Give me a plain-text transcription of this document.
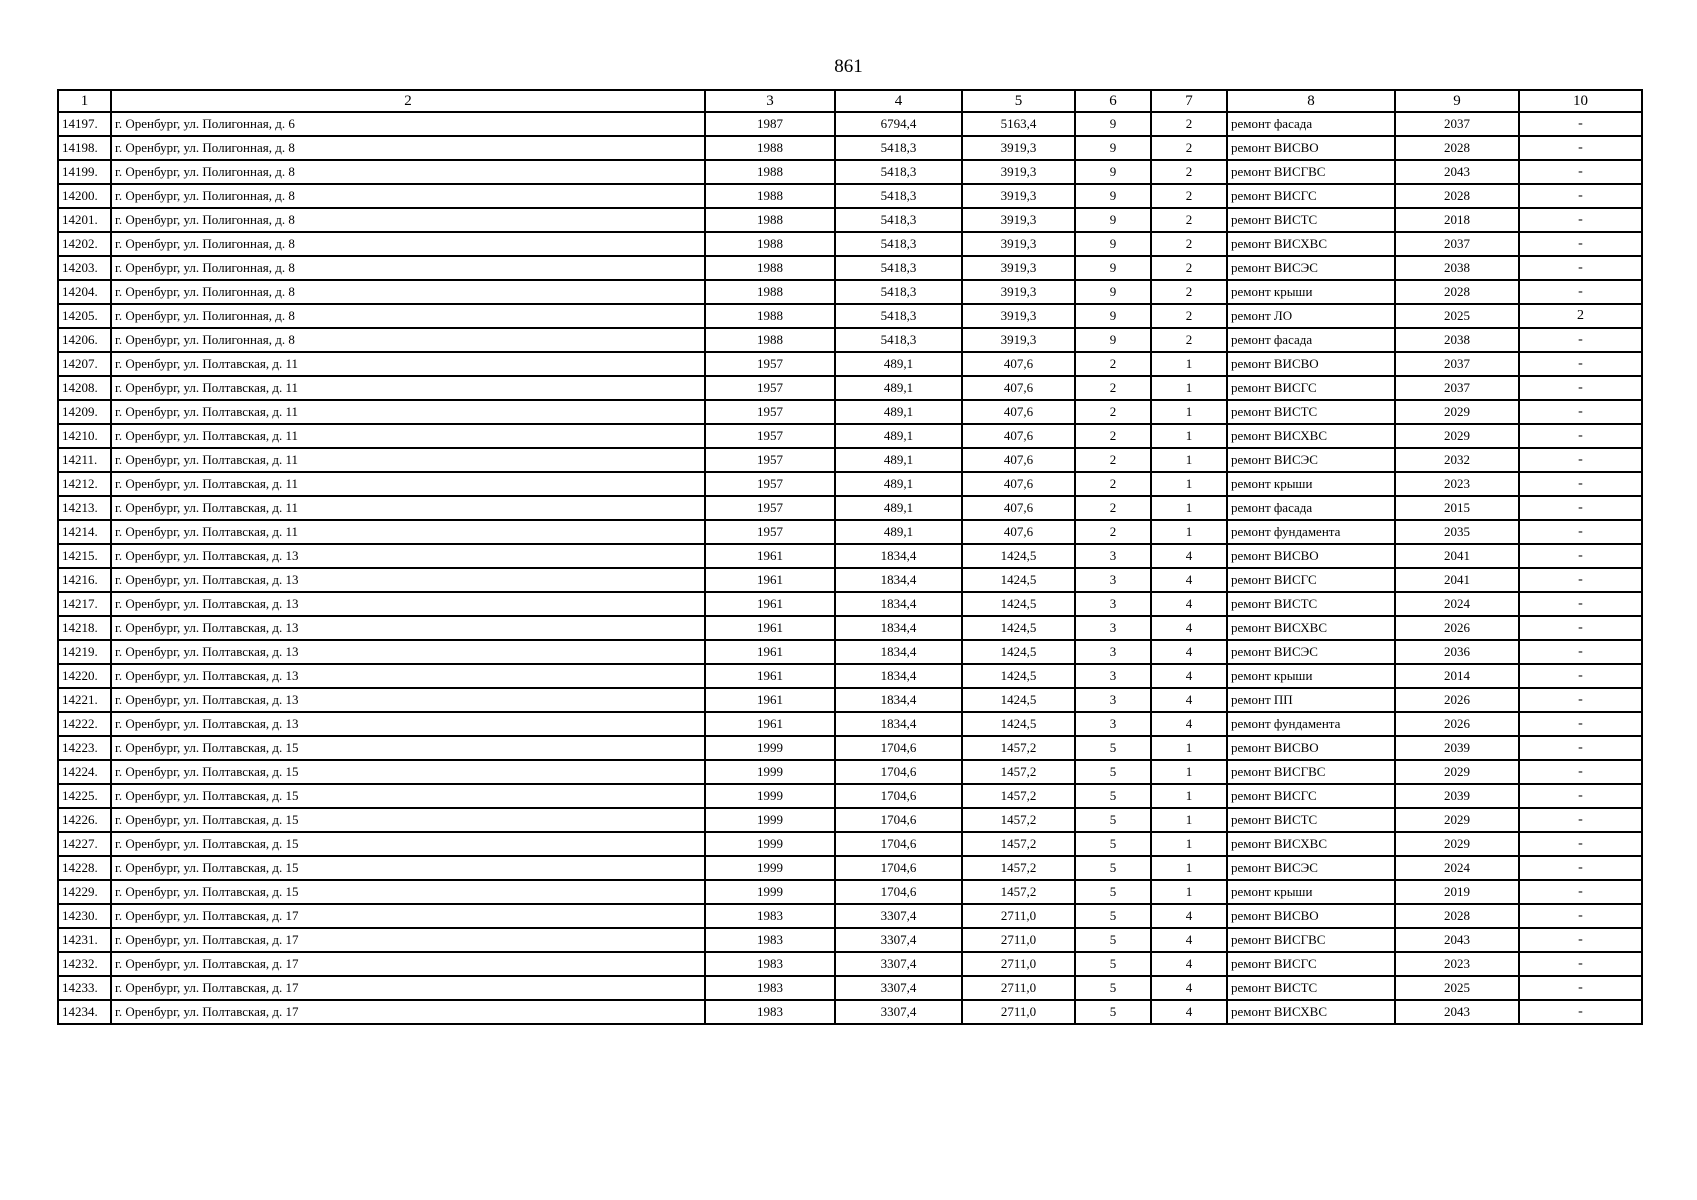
861
1	2	3	4	5	6	7	8	9	10
14197.	г. Оренбург, ул. Полигонная, д. 6	1987	6794,4	5163,4	9	2	ремонт фасада	2037	-
14198.	г. Оренбург, ул. Полигонная, д. 8	1988	5418,3	3919,3	9	2	ремонт ВИСВО	2028	-
14199.	г. Оренбург, ул. Полигонная, д. 8	1988	5418,3	3919,3	9	2	ремонт ВИСГВС	2043	-
14200.	г. Оренбург, ул. Полигонная, д. 8	1988	5418,3	3919,3	9	2	ремонт ВИСГС	2028	-
14201.	г. Оренбург, ул. Полигонная, д. 8	1988	5418,3	3919,3	9	2	ремонт ВИСТС	2018	-
14202.	г. Оренбург, ул. Полигонная, д. 8	1988	5418,3	3919,3	9	2	ремонт ВИСХВС	2037	-
14203.	г. Оренбург, ул. Полигонная, д. 8	1988	5418,3	3919,3	9	2	ремонт ВИСЭС	2038	-
14204.	г. Оренбург, ул. Полигонная, д. 8	1988	5418,3	3919,3	9	2	ремонт крыши	2028	-
14205.	г. Оренбург, ул. Полигонная, д. 8	1988	5418,3	3919,3	9	2	ремонт ЛО	2025	2
14206.	г. Оренбург, ул. Полигонная, д. 8	1988	5418,3	3919,3	9	2	ремонт фасада	2038	-
14207.	г. Оренбург, ул. Полтавская, д. 11	1957	489,1	407,6	2	1	ремонт ВИСВО	2037	-
14208.	г. Оренбург, ул. Полтавская, д. 11	1957	489,1	407,6	2	1	ремонт ВИСГС	2037	-
14209.	г. Оренбург, ул. Полтавская, д. 11	1957	489,1	407,6	2	1	ремонт ВИСТС	2029	-
14210.	г. Оренбург, ул. Полтавская, д. 11	1957	489,1	407,6	2	1	ремонт ВИСХВС	2029	-
14211.	г. Оренбург, ул. Полтавская, д. 11	1957	489,1	407,6	2	1	ремонт ВИСЭС	2032	-
14212.	г. Оренбург, ул. Полтавская, д. 11	1957	489,1	407,6	2	1	ремонт крыши	2023	-
14213.	г. Оренбург, ул. Полтавская, д. 11	1957	489,1	407,6	2	1	ремонт фасада	2015	-
14214.	г. Оренбург, ул. Полтавская, д. 11	1957	489,1	407,6	2	1	ремонт фундамента	2035	-
14215.	г. Оренбург, ул. Полтавская, д. 13	1961	1834,4	1424,5	3	4	ремонт ВИСВО	2041	-
14216.	г. Оренбург, ул. Полтавская, д. 13	1961	1834,4	1424,5	3	4	ремонт ВИСГС	2041	-
14217.	г. Оренбург, ул. Полтавская, д. 13	1961	1834,4	1424,5	3	4	ремонт ВИСТС	2024	-
14218.	г. Оренбург, ул. Полтавская, д. 13	1961	1834,4	1424,5	3	4	ремонт ВИСХВС	2026	-
14219.	г. Оренбург, ул. Полтавская, д. 13	1961	1834,4	1424,5	3	4	ремонт ВИСЭС	2036	-
14220.	г. Оренбург, ул. Полтавская, д. 13	1961	1834,4	1424,5	3	4	ремонт крыши	2014	-
14221.	г. Оренбург, ул. Полтавская, д. 13	1961	1834,4	1424,5	3	4	ремонт ПП	2026	-
14222.	г. Оренбург, ул. Полтавская, д. 13	1961	1834,4	1424,5	3	4	ремонт фундамента	2026	-
14223.	г. Оренбург, ул. Полтавская, д. 15	1999	1704,6	1457,2	5	1	ремонт ВИСВО	2039	-
14224.	г. Оренбург, ул. Полтавская, д. 15	1999	1704,6	1457,2	5	1	ремонт ВИСГВС	2029	-
14225.	г. Оренбург, ул. Полтавская, д. 15	1999	1704,6	1457,2	5	1	ремонт ВИСГС	2039	-
14226.	г. Оренбург, ул. Полтавская, д. 15	1999	1704,6	1457,2	5	1	ремонт ВИСТС	2029	-
14227.	г. Оренбург, ул. Полтавская, д. 15	1999	1704,6	1457,2	5	1	ремонт ВИСХВС	2029	-
14228.	г. Оренбург, ул. Полтавская, д. 15	1999	1704,6	1457,2	5	1	ремонт ВИСЭС	2024	-
14229.	г. Оренбург, ул. Полтавская, д. 15	1999	1704,6	1457,2	5	1	ремонт крыши	2019	-
14230.	г. Оренбург, ул. Полтавская, д. 17	1983	3307,4	2711,0	5	4	ремонт ВИСВО	2028	-
14231.	г. Оренбург, ул. Полтавская, д. 17	1983	3307,4	2711,0	5	4	ремонт ВИСГВС	2043	-
14232.	г. Оренбург, ул. Полтавская, д. 17	1983	3307,4	2711,0	5	4	ремонт ВИСГС	2023	-
14233.	г. Оренбург, ул. Полтавская, д. 17	1983	3307,4	2711,0	5	4	ремонт ВИСТС	2025	-
14234.	г. Оренбург, ул. Полтавская, д. 17	1983	3307,4	2711,0	5	4	ремонт ВИСХВС	2043	-
